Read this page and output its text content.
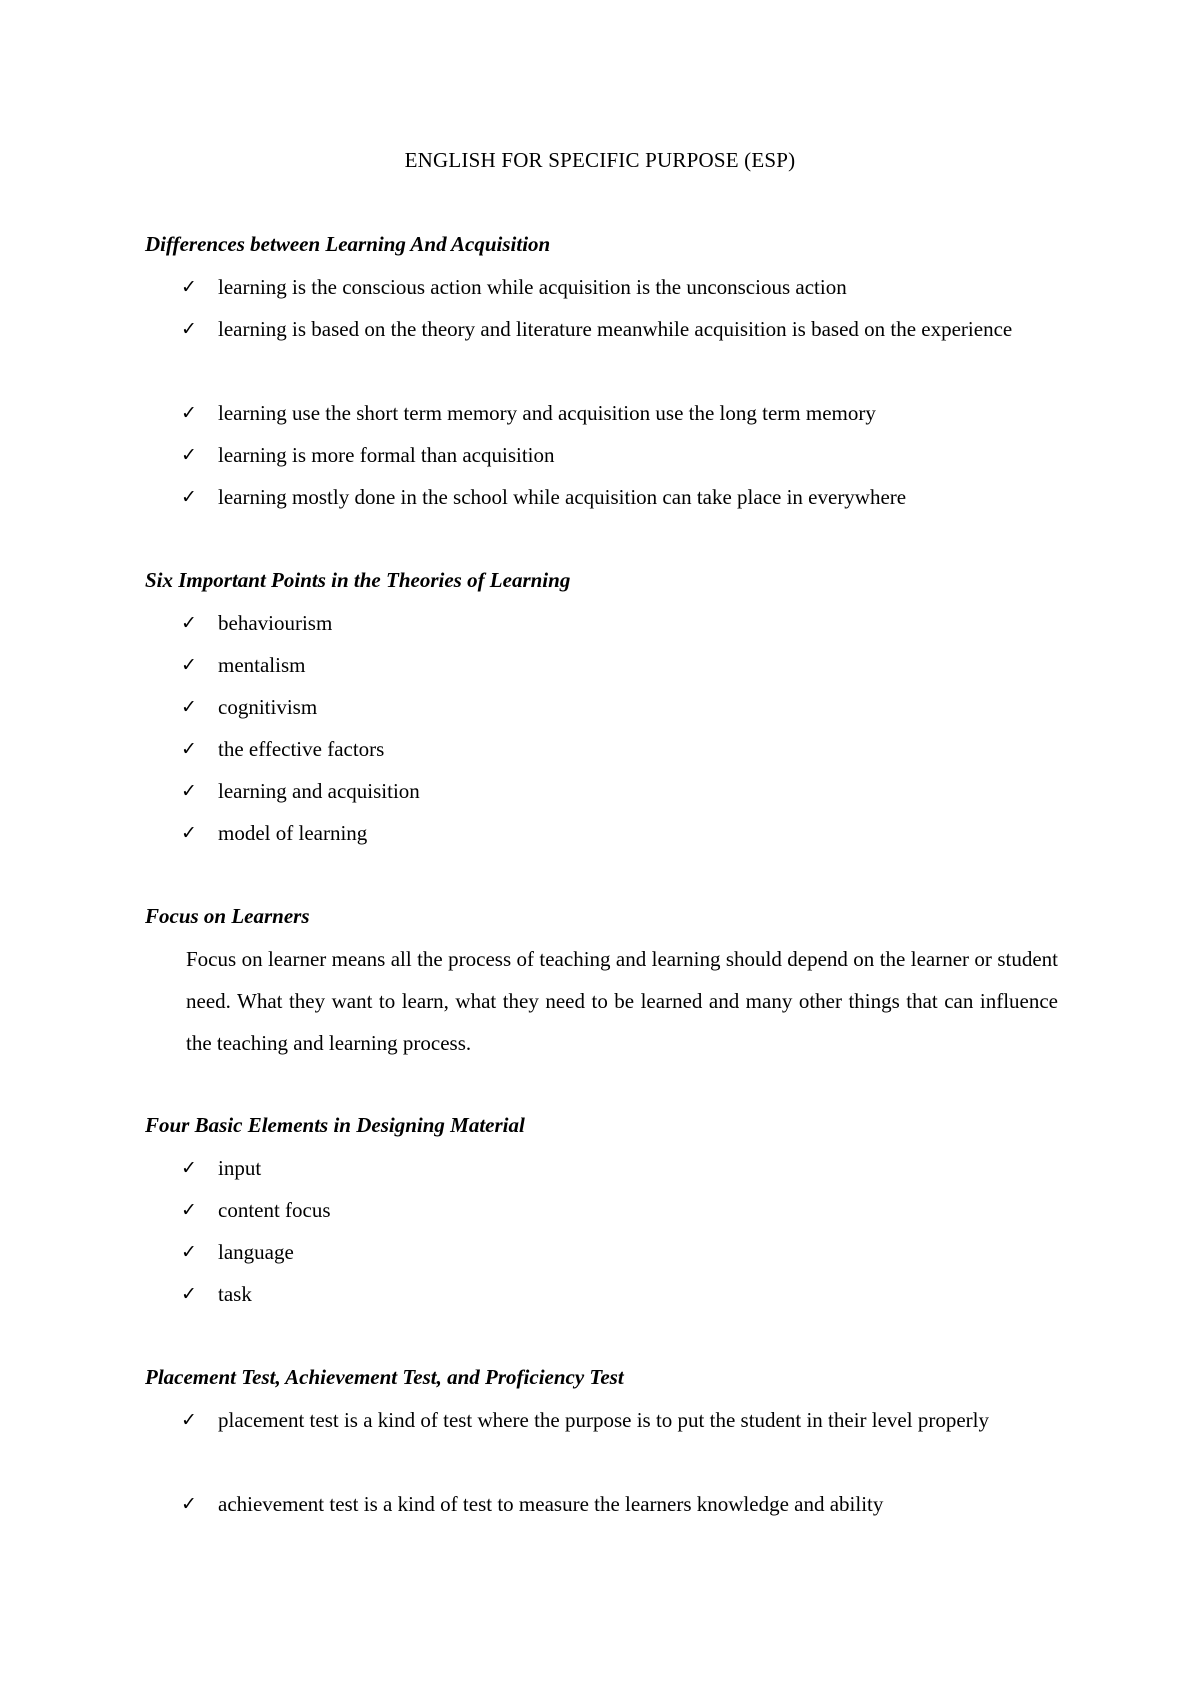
ENGLISH FOR SPECIFIC PURPOSE (ESP)
Differences between Learning And Acquisition
✓ learning is the conscious action while acquisition is the unconscious action
✓ learning is based on the theory and literature meanwhile acquisition is based on the experience
✓ learning use the short term memory and acquisition use the long term memory
✓ learning is more formal than acquisition
✓ learning mostly done in the school while acquisition can take place in everywhere
Six Important Points in the Theories of Learning
✓ behaviourism
✓ mentalism
✓ cognitivism
✓ the effective factors
✓ learning and acquisition
✓ model of learning
Focus on Learners
Focus on learner means all the process of teaching and learning should depend on the learner or student need. What they want to learn, what they need to be learned and many other things that can influence the teaching and learning process.
Four Basic Elements in Designing Material
✓ input
✓ content focus
✓ language
✓ task
Placement Test, Achievement Test, and Proficiency Test
✓ placement test is a kind of test where the purpose is to put the student in their level properly
✓ achievement test is a kind of test to measure the learners knowledge and ability
